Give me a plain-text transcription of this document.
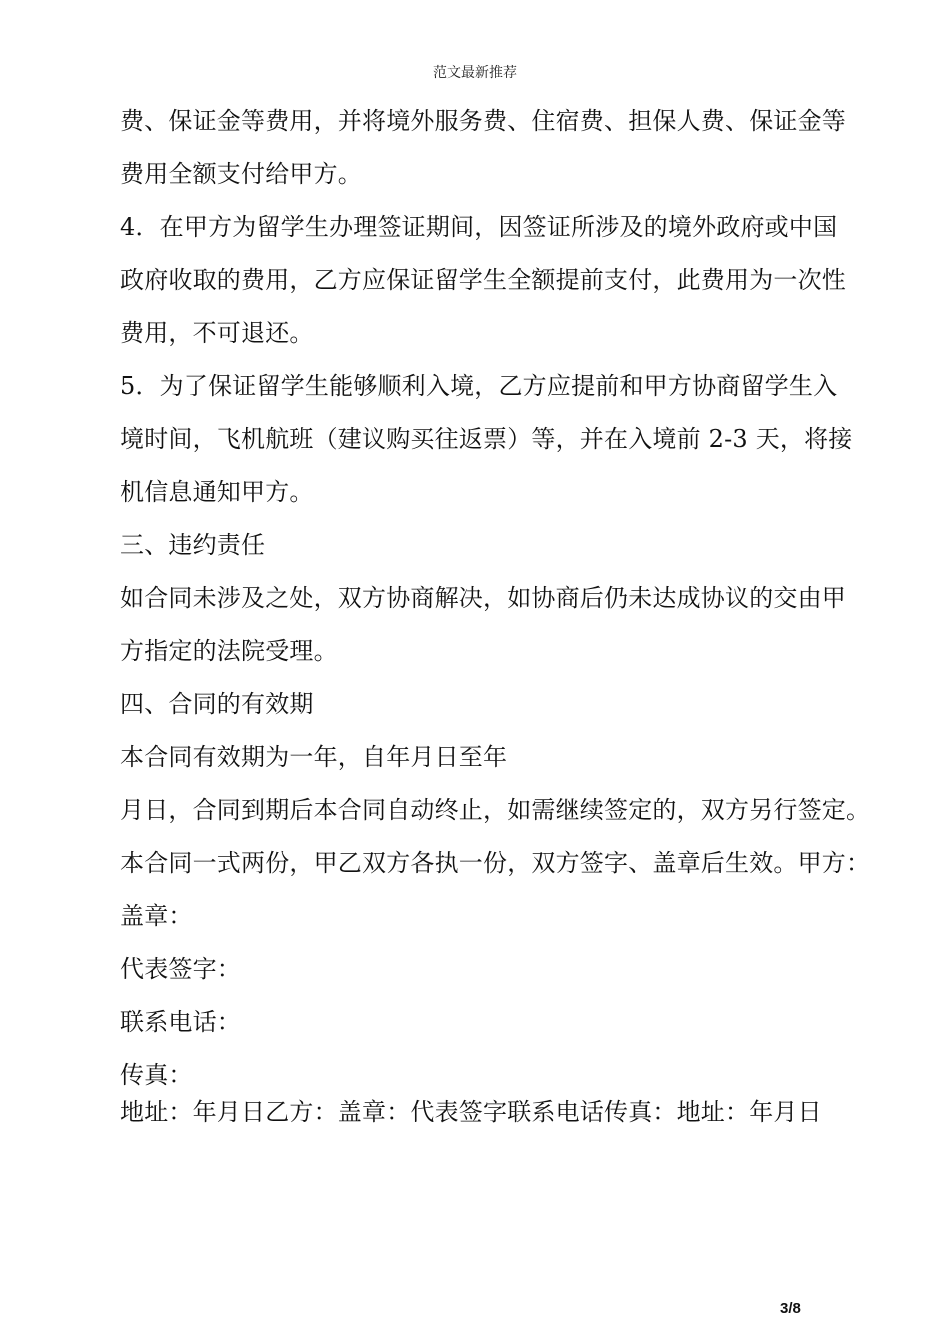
范文最新推荐
费、保证金等费用，并将境外服务费、住宿费、担保人费、保证金等
费用全额支付给甲方。
4．在甲方为留学生办理签证期间，因签证所涉及的境外政府或中国
政府收取的费用，乙方应保证留学生全额提前支付，此费用为一次性
费用，不可退还。
5．为了保证留学生能够顺利入境，乙方应提前和甲方协商留学生入
境时间，飞机航班（建议购买往返票）等，并在入境前 2-3 天，将接
机信息通知甲方。
三、违约责任
如合同未涉及之处，双方协商解决，如协商后仍未达成协议的交由甲
方指定的法院受理。
四、合同的有效期
本合同有效期为一年，自年月日至年
月日，合同到期后本合同自动终止，如需继续签定的，双方另行签定。
本合同一式两份，甲乙双方各执一份，双方签字、盖章后生效。甲方：
盖章：
代表签字：
联系电话：
传真：
地址：年月日乙方：盖章：代表签字联系电话传真：地址：年月日
3/8
